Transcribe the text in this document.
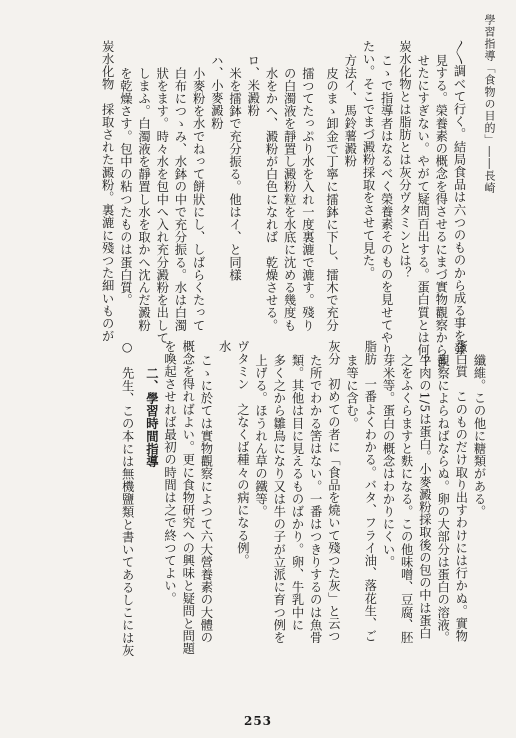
學習指導「食物の目的」――長崎
〳〵調べて行く。結局食品は六つのものから成る事を發
見する。榮養素の概念を得させるにまづ實物觀察からさ
せたにすぎない。やがて疑問百出する。蛋白質とは何？
炭水化物とは脂肪とは灰分ヴタミンとは？
こゝで指導者はなるべく榮養素そのものを見せてやり
たい。そこでまづ澱粉採取をさせて見た。
方法イ、馬鈴薯澱粉
皮のまゝ卸金で丁寧に擂鉢に下し、擂木で充分
擂つてたっぷり水を入れ一度裏漉で漉す。殘り
の白濁液を靜置し澱粉粒を水底に沈める幾度も
水をかへ、澱粉が白色になれば　乾燥させる。
ロ、米澱粉
米を擂鉢で充分振る。他はイ、と同樣
ハ、小麥澱粉
小麥粉を水でねって餅狀にし、しばらくたって
白布につゝみ、水鉢の中で充分振る。水は白濁
狀をます。時々水を包中へ入れ充分澱粉を出して
しまふ。白濁液を靜置し水を取かへ沈んだ澱粉
を乾燥さす。包中の粘つたものは蛋白質。
炭水化物　採取された澱粉。裏漉に殘つた細いものが
纖維。この他に糖類がある。
蛋白質　このものだけ取り出すわけには行かぬ。實物
觀察によらねばならぬ。卵の大部分は蛋白の溶液。
牛肉の1/5は蛋白。小麥澱粉採取後の包の中は蛋白
之をふくらますと麩になる。この他味噌、豆腐、胚
芽米等。蛋白の概念はわかりにくい。
脂肪　一番よくわかる。バタ、フライ油、落花生、ご
ま等に含む。
灰分　初めての者に「食品を燒いて殘つた灰」と云つ
た所でわかる筈はない。一番はつきりするのは魚骨
類。其他は目に見えるものばかり。卵、牛乳中に
多く之から雛鳥になり又は牛の子が立派に育つ例を
上げる。ほうれん草の鐵等。
ヴタミン　之なくば種々の病になる例。
水
こゝに於ては實物觀察によつて六大營養素の大體の
概念を得ればよい。更に食物研究への興味と疑問と問題
を喚起させれば最初の時間は之で終つてよい。
二、學習時間指導
○　先生、この本には無機鹽類と書いてあるしこには灰
253
